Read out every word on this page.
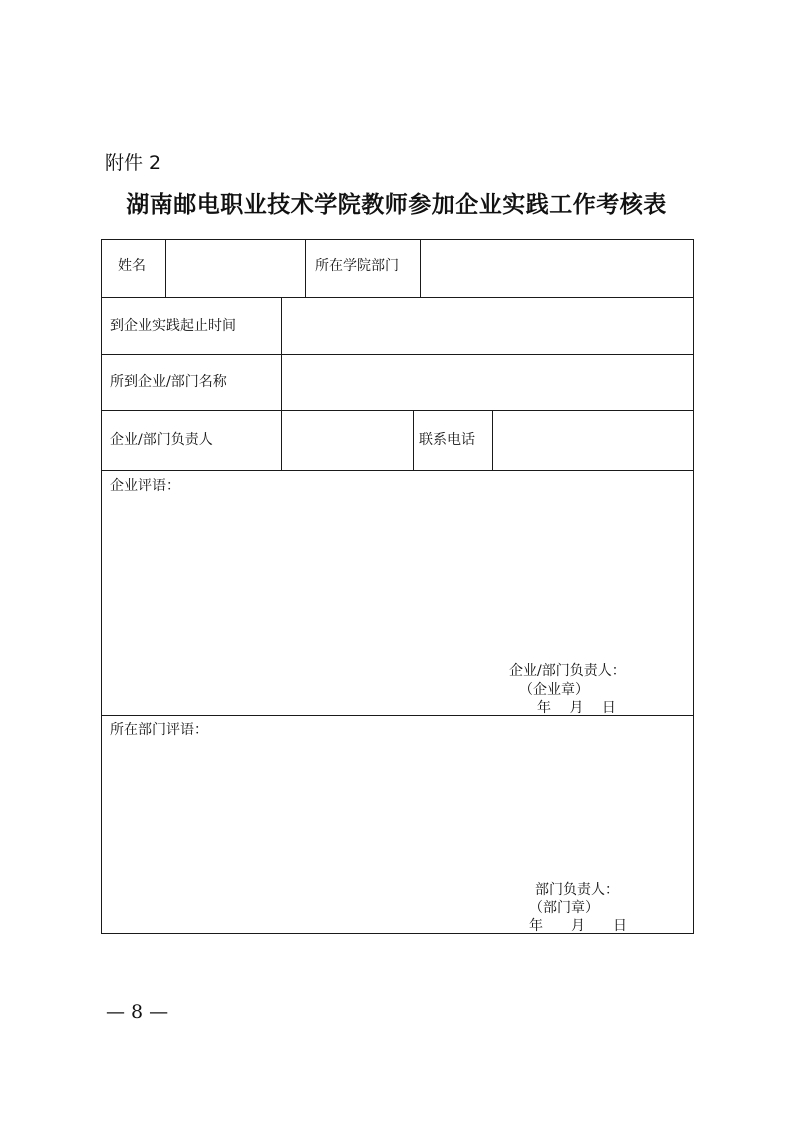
附件 2
湖南邮电职业技术学院教师参加企业实践工作考核表
姓名	所在学院部门
到企业实践起止时间
所到企业/部门名称
企业/部门负责人	联系电话
企业评语：
企业/部门负责人：
（企业章）
年　 月　 日
所在部门评语：
部门负责人：
（部门章）
年　　月　　日
— 8 —
